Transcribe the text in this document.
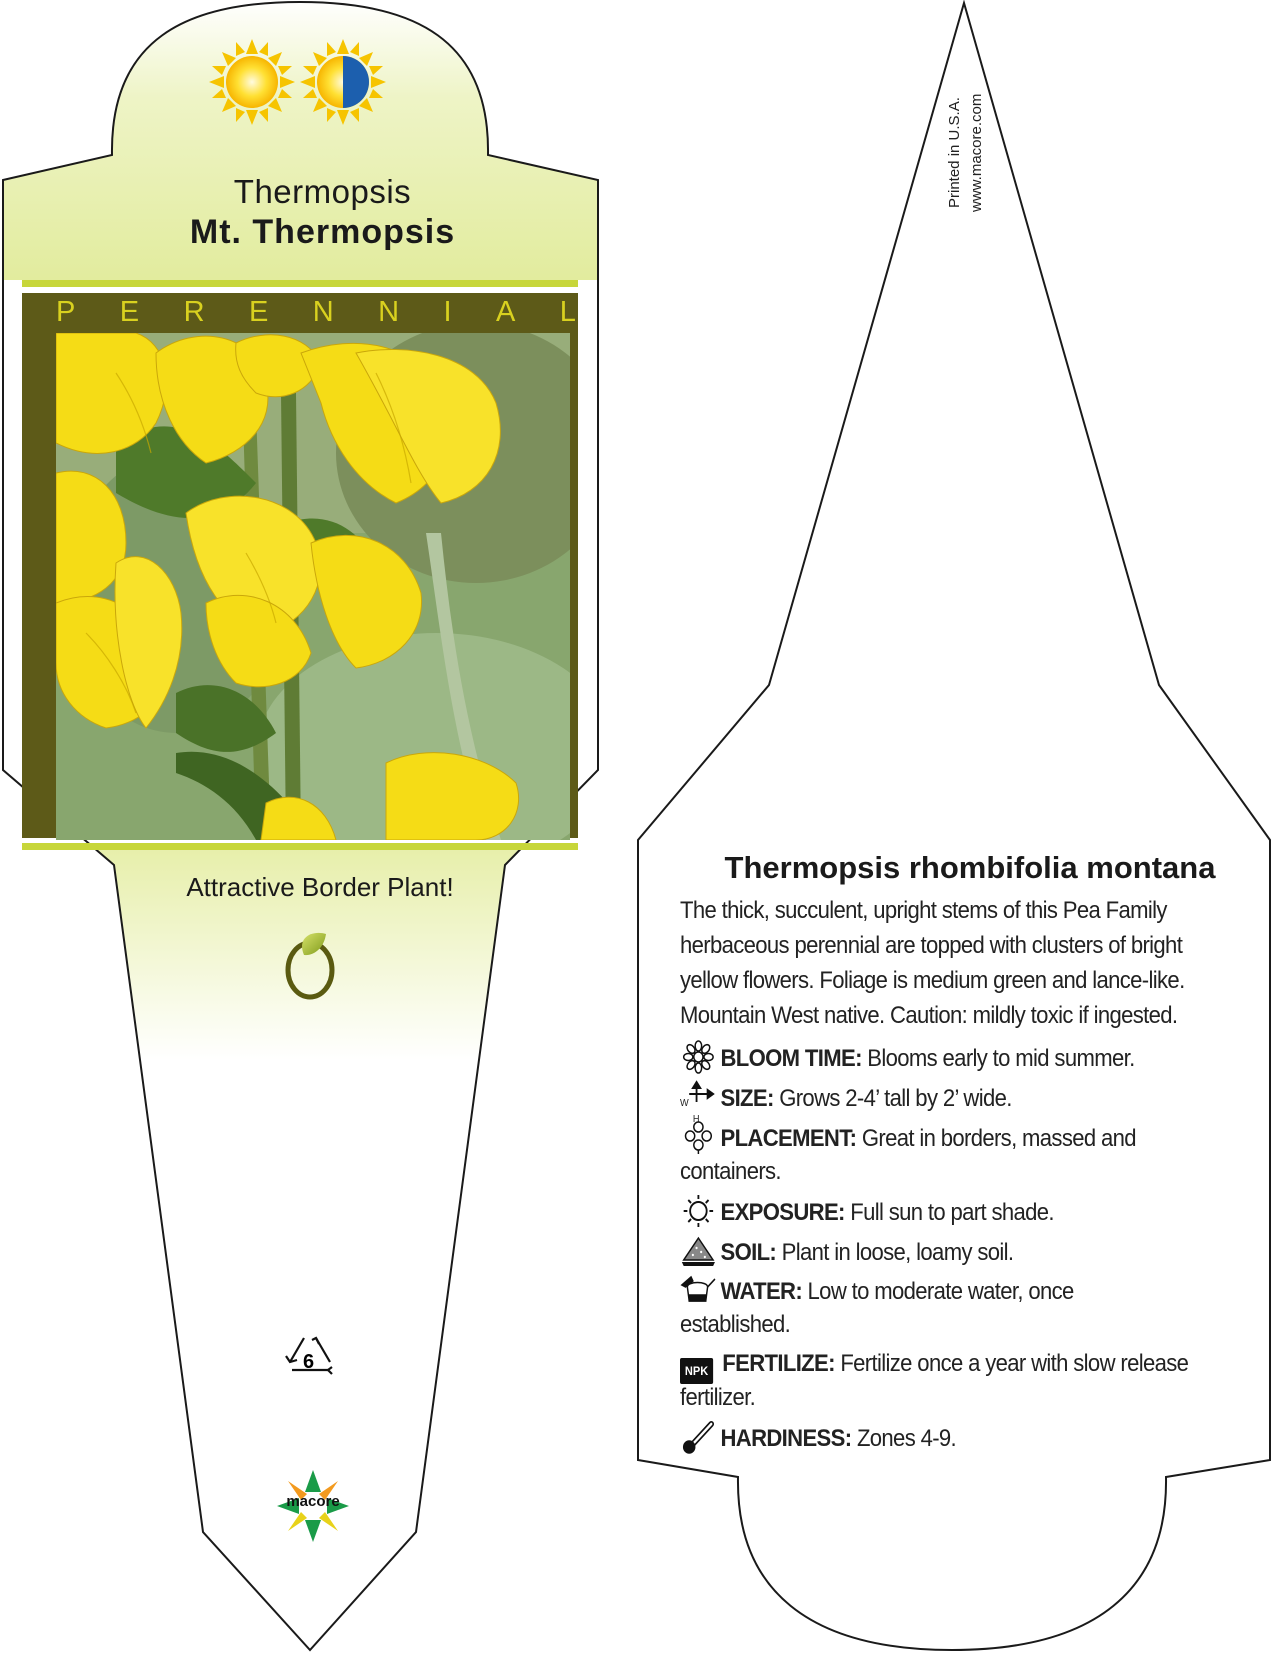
Thermopsis
Mt. Thermopsis
P E R E N N I A L
Attractive Border Plant!
6
macore
Printed in U.S.A. www.macore.com
Thermopsis rhombifolia montana
The thick, succulent, upright stems of this Pea Family
herbaceous perennial are topped with clusters of bright
yellow flowers. Foliage is medium green and lance-like.
Mountain West native. Caution: mildly toxic if ingested.
BLOOM TIME: Blooms early to mid summer.
W
H
SIZE: Grows 2-4’ tall by 2’ wide.
PLACEMENT: Great in borders, massed and
containers.
EXPOSURE: Full sun to part shade.
SOIL: Plant in loose, loamy soil.
WATER: Low to moderate water, once
established.
NPK FERTILIZE: Fertilize once a year with slow release
fertilizer.
HARDINESS: Zones 4-9.
